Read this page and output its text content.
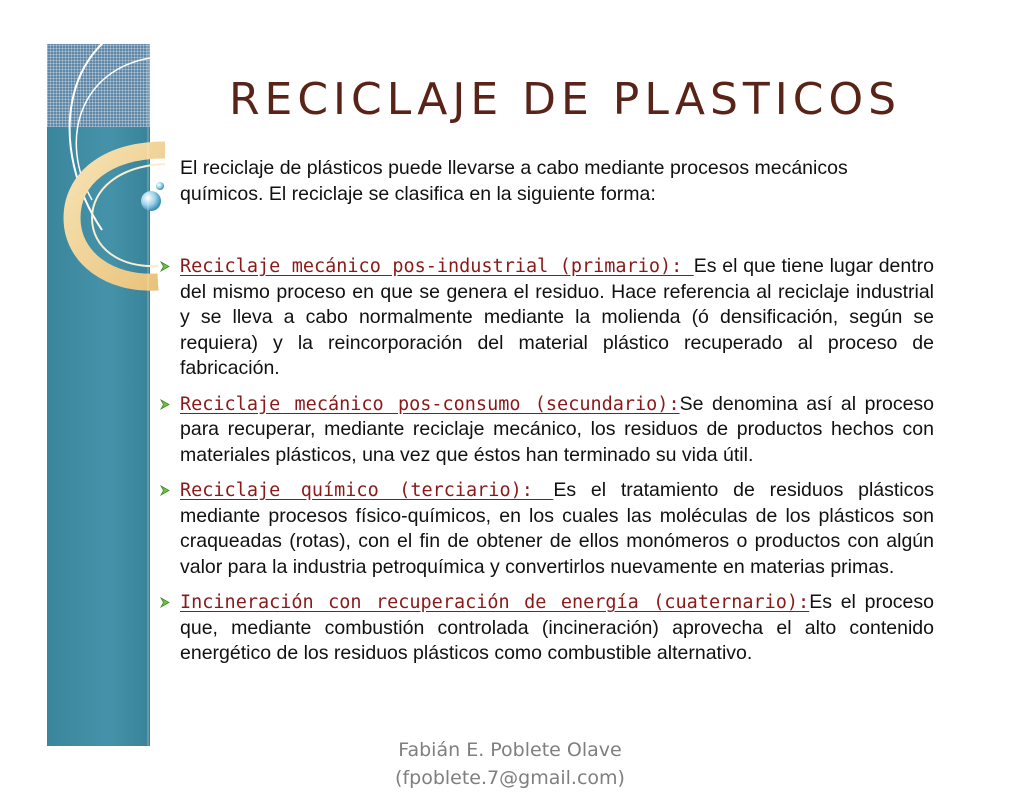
RECICLAJE DE PLASTICOS

El reciclaje de plásticos puede llevarse a cabo mediante procesos mecánicos químicos. El reciclaje se clasifica en la siguiente forma:

Reciclaje mecánico pos-industrial (primario): Es el que tiene lugar dentro del mismo proceso en que se genera el residuo. Hace referencia al reciclaje industrial y se lleva a cabo normalmente mediante la molienda (ó densificación, según se requiera) y la reincorporación del material plástico recuperado al proceso de fabricación.
Reciclaje mecánico pos-consumo (secundario):Se denomina así al proceso para recuperar, mediante reciclaje mecánico, los residuos de productos hechos con materiales plásticos, una vez que éstos han terminado su vida útil.
Reciclaje químico (terciario): Es el tratamiento de residuos plásticos mediante procesos físico-químicos, en los cuales las moléculas de los plásticos son craqueadas (rotas), con el fin de obtener de ellos monómeros o productos con algún valor para la industria petroquímica y convertirlos nuevamente en materias primas.
Incineración con recuperación de energía (cuaternario):Es el proceso que, mediante combustión controlada (incineración) aprovecha el alto contenido energético de los residuos plásticos como combustible alternativo.
Fabián E. Poblete Olave
(fpoblete.7@gmail.com)
